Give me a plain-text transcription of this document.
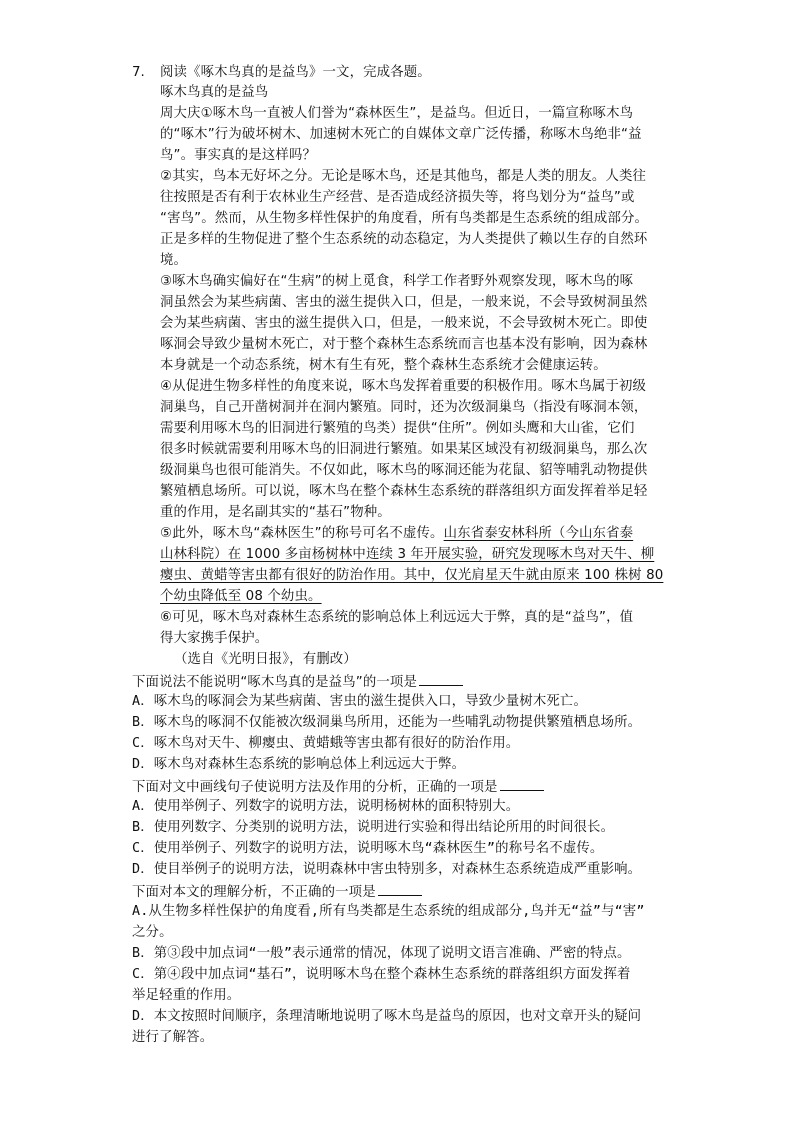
7. 阅读《啄木鸟真的是益鸟》一文，完成各题。
啄木鸟真的是益鸟
周大庆①啄木鸟一直被人们誉为“森林医生”，是益鸟。但近日，一篇宣称啄木鸟
的“啄木”行为破坏树木、加速树木死亡的自媒体文章广泛传播，称啄木鸟绝非“益
鸟”。事实真的是这样吗？
②其实，鸟本无好坏之分。无论是啄木鸟，还是其他鸟，都是人类的朋友。人类往
往按照是否有利于农林业生产经营、是否造成经济损失等，将鸟划分为“益鸟”或
“害鸟”。然而，从生物多样性保护的角度看，所有鸟类都是生态系统的组成部分。
正是多样的生物促进了整个生态系统的动态稳定，为人类提供了赖以生存的自然环
境。
③啄木鸟确实偏好在“生病”的树上觅食，科学工作者野外观察发现，啄木鸟的啄
洞虽然会为某些病菌、害虫的滋生提供入口，但是，一般来说，不会导致树洞虽然
会为某些病菌、害虫的滋生提供入口，但是，一般来说，不会导致树木死亡。即使
啄洞会导致少量树木死亡，对于整个森林生态系统而言也基本没有影响，因为森林
本身就是一个动态系统，树木有生有死，整个森林生态系统才会健康运转。
④从促进生物多样性的角度来说，啄木鸟发挥着重要的积极作用。啄木鸟属于初级
洞巢鸟，自己开凿树洞并在洞内繁殖。同时，还为次级洞巢鸟（指没有啄洞本领，
需要利用啄木鸟的旧洞进行繁殖的鸟类）提供“住所”。例如头鹰和大山雀，它们
很多时候就需要利用啄木鸟的旧洞进行繁殖。如果某区域没有初级洞巢鸟，那么次
级洞巢鸟也很可能消失。不仅如此，啄木鸟的啄洞还能为花鼠、貂等哺乳动物提供
繁殖栖息场所。可以说，啄木鸟在整个森林生态系统的群落组织方面发挥着举足轻
重的作用，是名副其实的“基石”物种。
⑤此外，啄木鸟“森林医生”的称号可名不虚传。山东省泰安林科所（今山东省泰
山林科院）在 1000 多亩杨树林中连续 3 年开展实验，研究发现啄木鸟对天牛、柳
瘿虫、黄蜡等害虫都有很好的防治作用。其中，仅光肩星天牛就由原来 100 株树 80
个幼虫降低至 08 个幼虫。
⑥可见，啄木鸟对森林生态系统的影响总体上利远远大于弊，真的是“益鸟”，值
得大家携手保护。
（选自《光明日报》，有删改）
下面说法不能说明“啄木鸟真的是益鸟”的一项是
A．啄木鸟的啄洞会为某些病菌、害虫的滋生提供入口，导致少量树木死亡。
B．啄木鸟的啄洞不仅能被次级洞巢鸟所用，还能为一些哺乳动物提供繁殖栖息场所。
C．啄木鸟对天牛、柳瘿虫、黄蜡蛾等害虫都有很好的防治作用。
D．啄木鸟对森林生态系统的影响总体上利远远大于弊。
下面对文中画线句子使说明方法及作用的分析，正确的一项是
A．使用举例子、列数字的说明方法，说明杨树林的面积特别大。
B．使用列数字、分类别的说明方法，说明进行实验和得出结论所用的时间很长。
C．使用举例子、列数字的说明方法，说明啄木鸟“森林医生”的称号名不虚传。
D．使目举例子的说明方法，说明森林中害虫特别多，对森林生态系统造成严重影响。
下面对本文的理解分析，不正确的一项是
A.从生物多样性保护的角度看,所有鸟类都是生态系统的组成部分,鸟并无“益”与“害”
之分。
B．第③段中加点词“一般”表示通常的情况，体现了说明文语言准确、严密的特点。
C．第④段中加点词“基石”，说明啄木鸟在整个森林生态系统的群落组织方面发挥着
举足轻重的作用。
D．本文按照时间顺序，条理清晰地说明了啄木鸟是益鸟的原因，也对文章开头的疑问
进行了解答。
